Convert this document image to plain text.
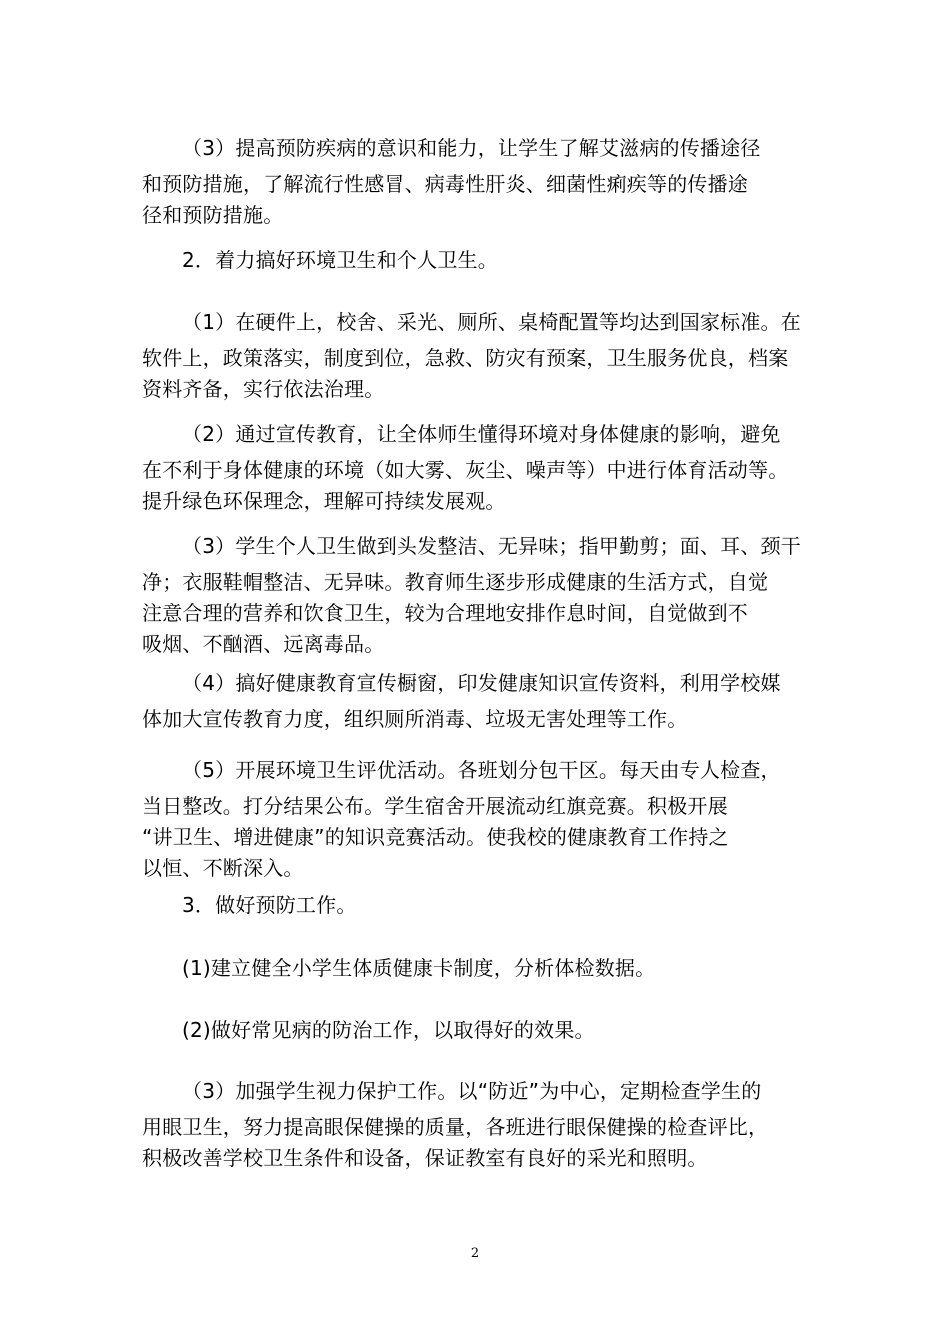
（3）提高预防疾病的意识和能力，让学生了解艾滋病的传播途径
和预防措施，了解流行性感冒、病毒性肝炎、细菌性痢疾等的传播途
径和预防措施。
2．着力搞好环境卫生和个人卫生。
（1）在硬件上，校舍、采光、厕所、桌椅配置等均达到国家标准。在
软件上，政策落实，制度到位，急救、防灾有预案，卫生服务优良，档案
资料齐备，实行依法治理。
（2）通过宣传教育，让全体师生懂得环境对身体健康的影响，避免
在不利于身体健康的环境（如大雾、灰尘、噪声等）中进行体育活动等。
提升绿色环保理念，理解可持续发展观。
（3）学生个人卫生做到头发整洁、无异味；指甲勤剪；面、耳、颈干
净；衣服鞋帽整洁、无异味。教育师生逐步形成健康的生活方式，自觉
注意合理的营养和饮食卫生，较为合理地安排作息时间，自觉做到不
吸烟、不酗酒、远离毒品。
（4）搞好健康教育宣传橱窗，印发健康知识宣传资料，利用学校媒
体加大宣传教育力度，组织厕所消毒、垃圾无害处理等工作。
（5）开展环境卫生评优活动。各班划分包干区。每天由专人检查，
当日整改。打分结果公布。学生宿舍开展流动红旗竞赛。积极开展
“讲卫生、增进健康”的知识竞赛活动。使我校的健康教育工作持之
以恒、不断深入。
3．做好预防工作。
(1)建立健全小学生体质健康卡制度，分析体检数据。
(2)做好常见病的防治工作，以取得好的效果。
（3）加强学生视力保护工作。以“防近”为中心，定期检查学生的
用眼卫生，努力提高眼保健操的质量，各班进行眼保健操的检查评比，
积极改善学校卫生条件和设备，保证教室有良好的采光和照明。
2
